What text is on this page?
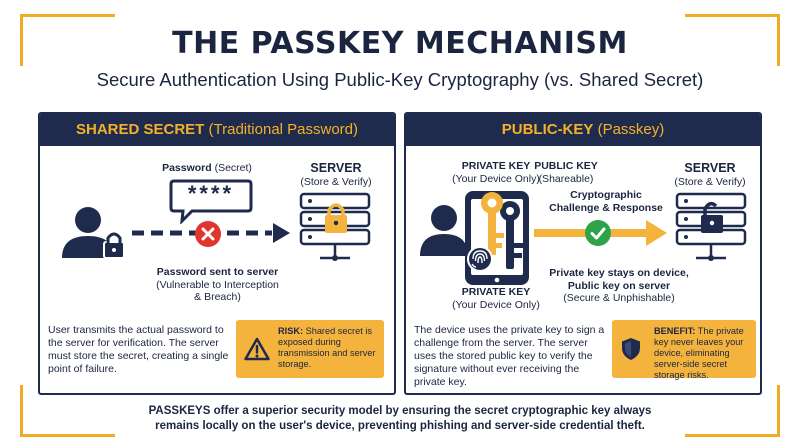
THE PASSKEY MECHANISM
Secure Authentication Using Public-Key Cryptography (vs. Shared Secret)
SHARED SECRET (Traditional Password)
Password (Secret)
****
SERVER
(Store & Verify)
Password sent to server
(Vulnerable to Interception
& Breach)
User transmits the actual password to the server for verification. The server must store the secret, creating a single point of failure.
RISK: Shared secret is exposed during transmission and server storage.
PUBLIC-KEY (Passkey)
PRIVATE KEY
(Your Device Only)
PUBLIC KEY
(Shareable)
Cryptographic
Challenge & Response
SERVER
(Store & Verify)
Private key stays on device,
Public key on server
(Secure & Unphishable)
PRIVATE KEY
(Your Device Only)
The device uses the private key to sign a challenge from the server. The server uses the stored public key to verify the signature without ever receiving the private key.
BENEFIT: The private key never leaves your device, eliminating server-side secret storage risks.
PASSKEYS offer a superior security model by ensuring the secret cryptographic key always
remains locally on the user's device, preventing phishing and server-side credential theft.
